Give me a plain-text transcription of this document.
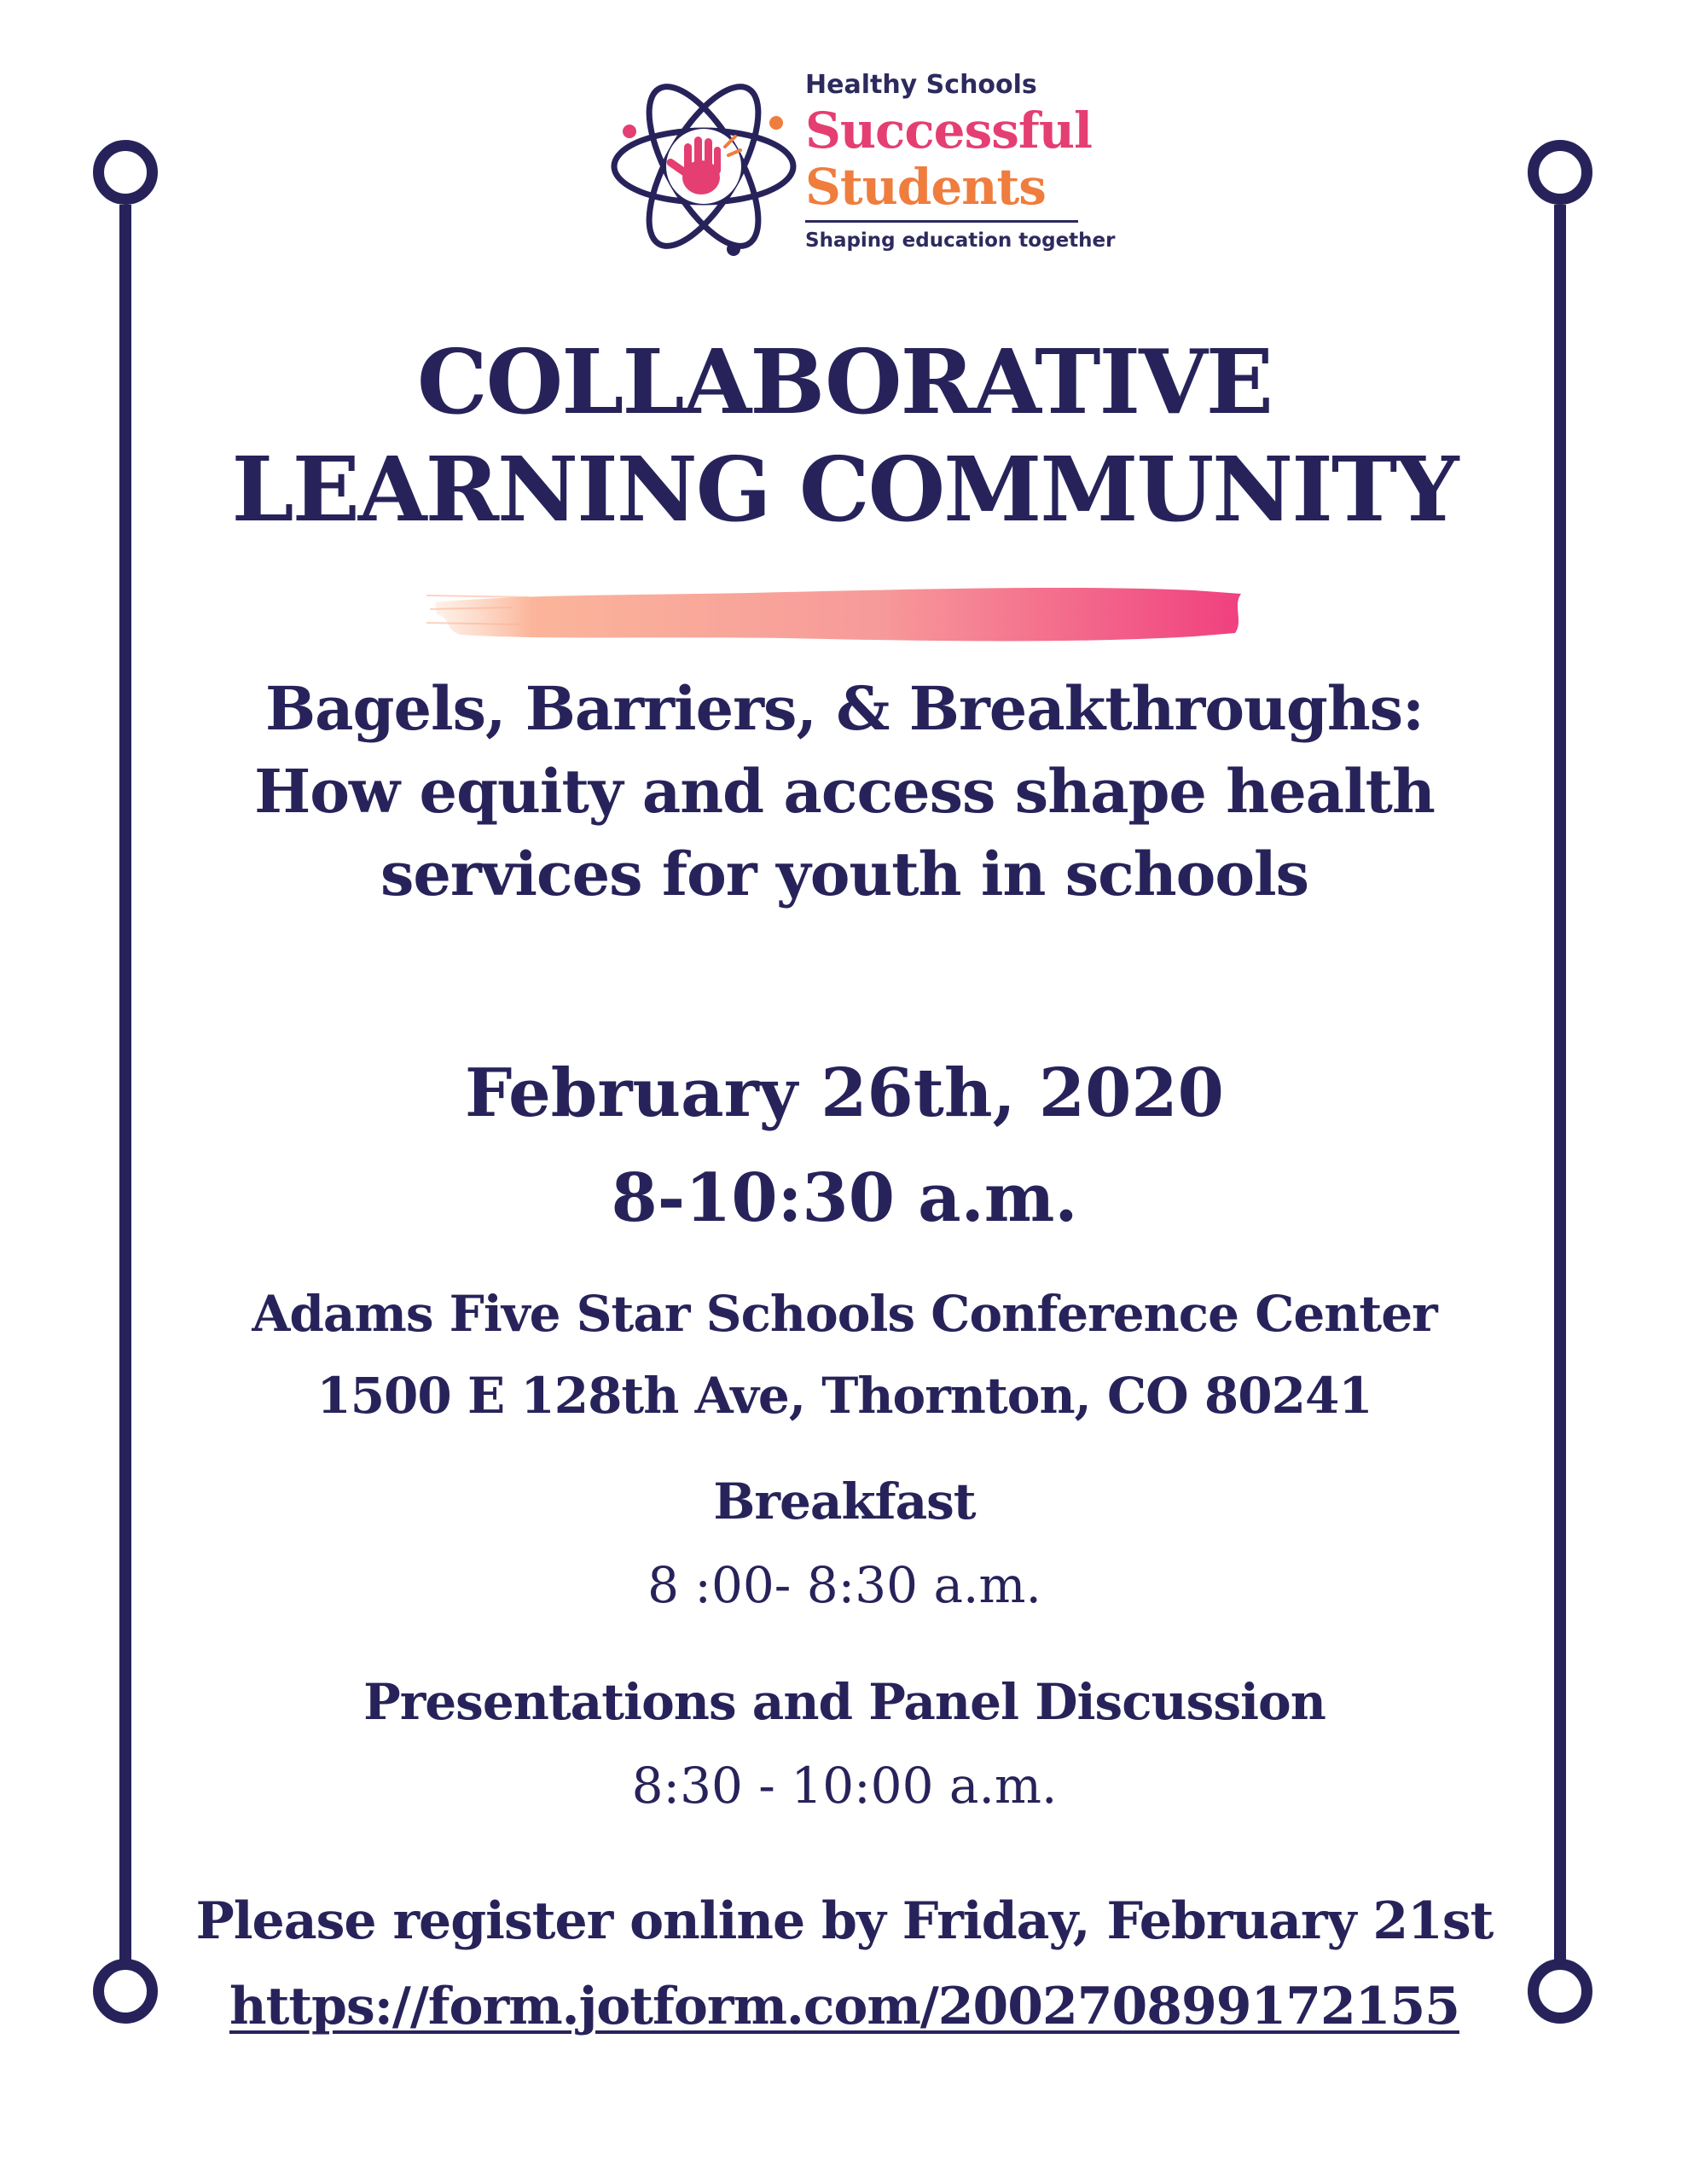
Healthy Schools
Successful
Students
Shaping education together
COLLABORATIVE
LEARNING COMMUNITY
Bagels, Barriers, & Breakthroughs:
How equity and access shape health
services for youth in schools
February 26th, 2020
8-10:30 a.m.
Adams Five Star Schools Conference Center
1500 E 128th Ave, Thornton, CO 80241
Breakfast
8 :00- 8:30 a.m.
Presentations and Panel Discussion
8:30 - 10:00 a.m.
Please register online by Friday, February 21st
https://form.jotform.com/200270899172155
